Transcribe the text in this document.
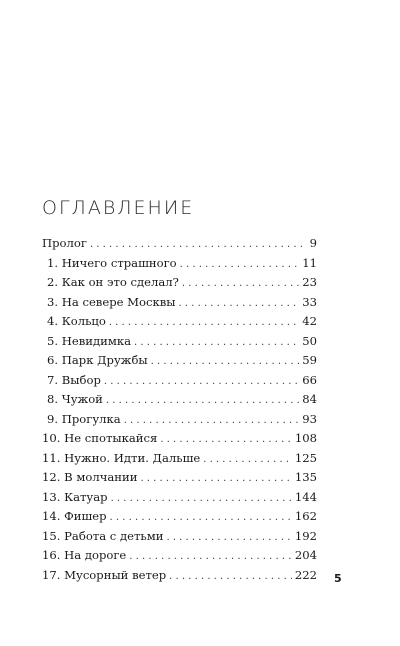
ОГЛАВЛЕНИЕ
Пролог . . .	9
1. Ничего страшного . . .	11
2. Как он это сделал? . . .	23
3. На севере Москвы . . .	33
4. Кольцо . . .	42
5. Невидимка . . .	50
6. Парк Дружбы . . .	59
7. Выбор . . .	66
8. Чужой . . .	84
9. Прогулка . . .	93
10. Не спотыкайся . . .	108
11. Нужно. Идти. Дальше . . .	125
12. В молчании . . .	135
13. Катуар . . .	144
14. Фишер . . .	162
15. Работа с детьми . . .	192
16. На дороге . . .	204
17. Мусорный ветер . . .	222 5
